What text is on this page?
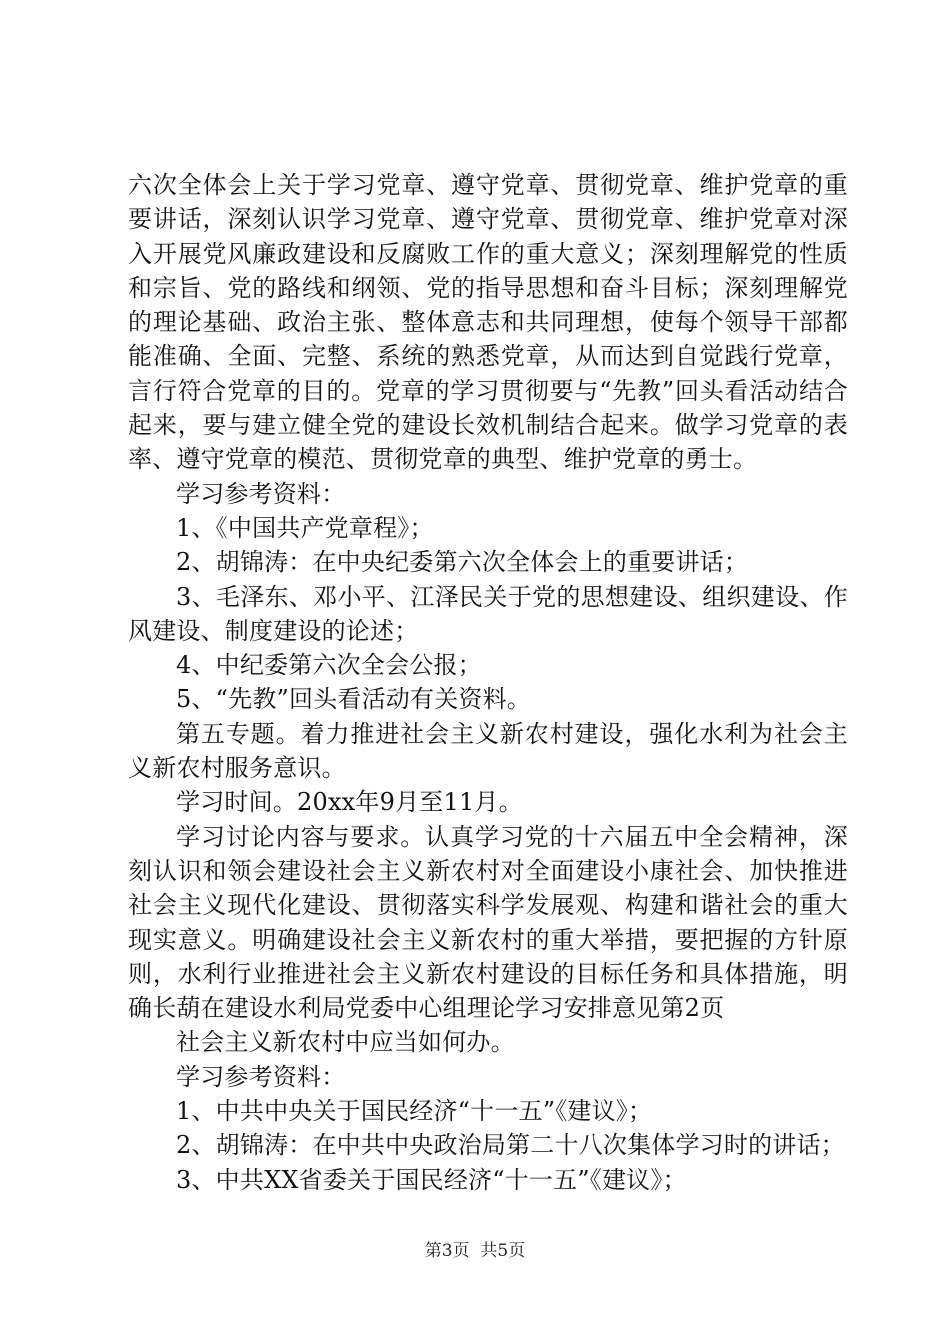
六次全体会上关于学习党章、遵守党章、贯彻党章、维护党章的重要讲话，深刻认识学习党章、遵守党章、贯彻党章、维护党章对深入开展党风廉政建设和反腐败工作的重大意义；深刻理解党的性质和宗旨、党的路线和纲领、党的指导思想和奋斗目标；深刻理解党的理论基础、政治主张、整体意志和共同理想，使每个领导干部都能准确、全面、完整、系统的熟悉党章，从而达到自觉践行党章，言行符合党章的目的。党章的学习贯彻要与“先教”回头看活动结合起来，要与建立健全党的建设长效机制结合起来。做学习党章的表率、遵守党章的模范、贯彻党章的典型、维护党章的勇士。

学习参考资料：

1、《中国共产党章程》；

2、胡锦涛：在中央纪委第六次全体会上的重要讲话；

3、毛泽东、邓小平、江泽民关于党的思想建设、组织建设、作风建设、制度建设的论述；

4、中纪委第六次全会公报；

5、“先教”回头看活动有关资料。

第五专题。着力推进社会主义新农村建设，强化水利为社会主义新农村服务意识。

学习时间。20xx年9月至11月。

学习讨论内容与要求。认真学习党的十六届五中全会精神，深刻认识和领会建设社会主义新农村对全面建设小康社会、加快推进社会主义现代化建设、贯彻落实科学发展观、构建和谐社会的重大现实意义。明确建设社会主义新农村的重大举措，要把握的方针原则，水利行业推进社会主义新农村建设的目标任务和具体措施，明确长葫在建设水利局党委中心组理论学习安排意见第2页

社会主义新农村中应当如何办。

学习参考资料：

1、中共中央关于国民经济“十一五”《建议》；

2、胡锦涛：在中共中央政治局第二十八次集体学习时的讲话；

3、中共XX省委关于国民经济“十一五”《建议》；

第3页  共5页
